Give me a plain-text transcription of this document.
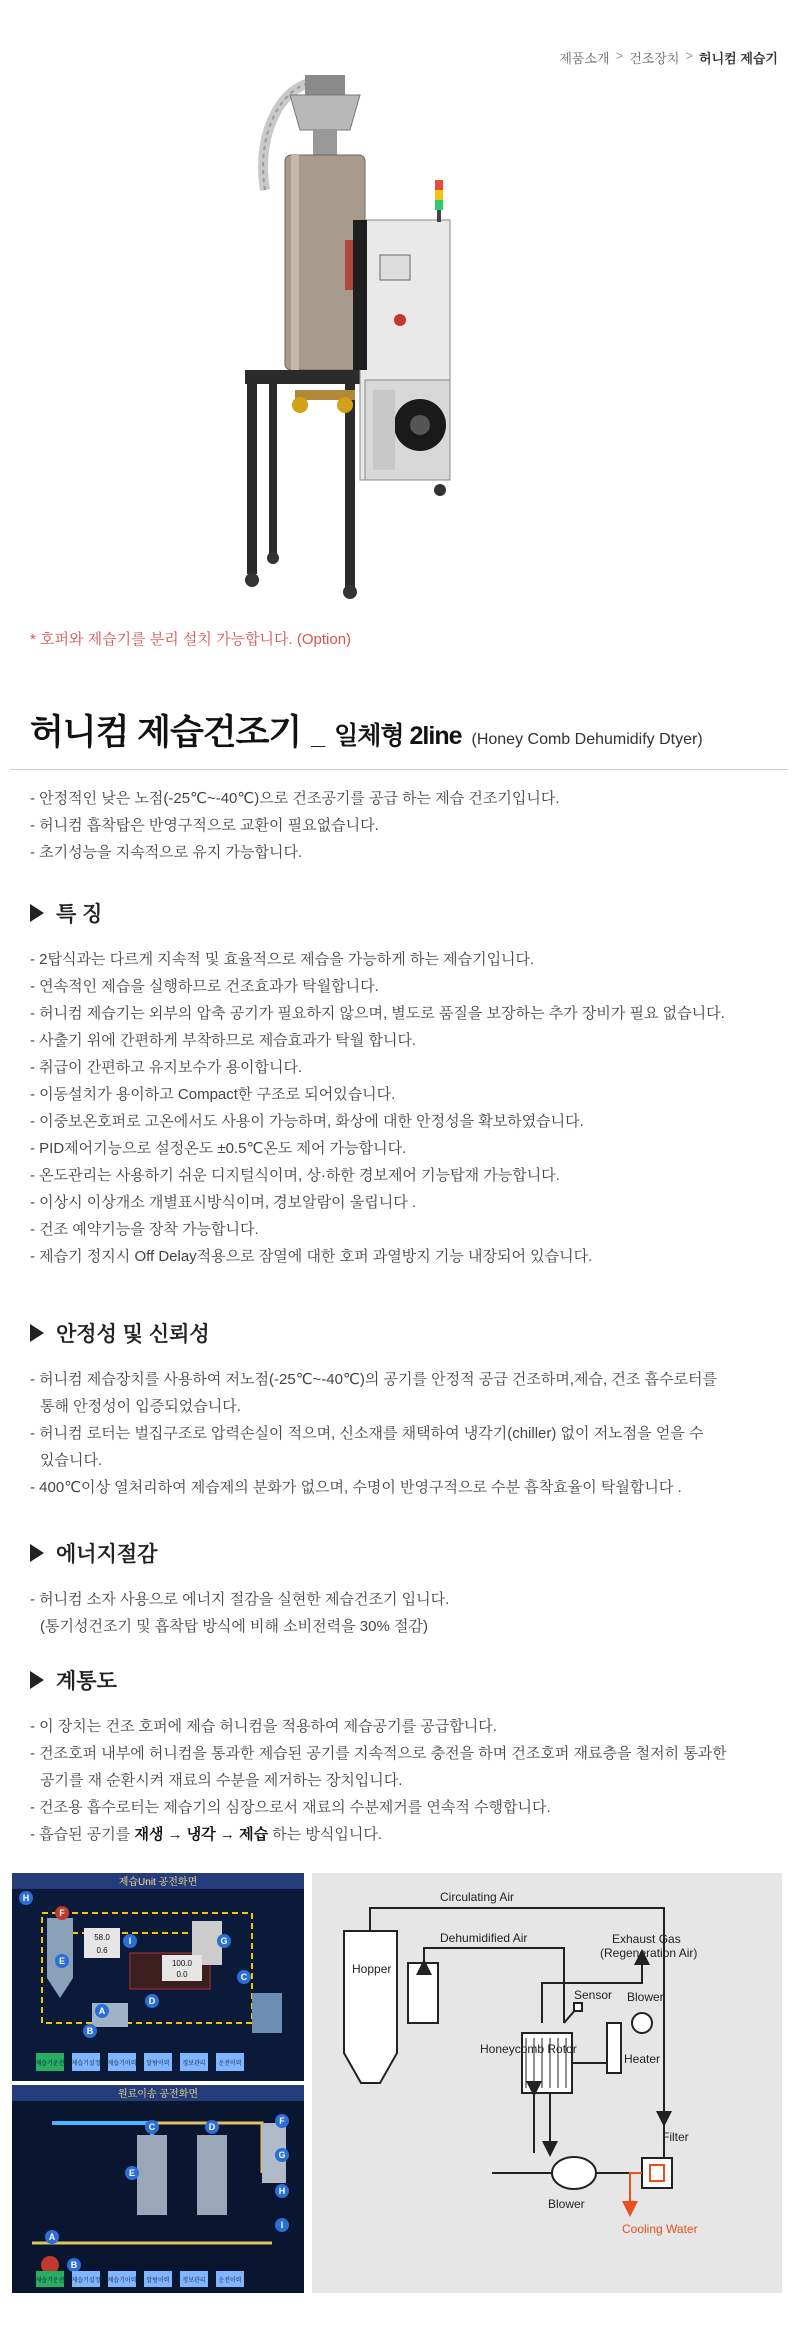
제품소개 > 건조장치 > 허니컴 제습기
* 호퍼와 제습기를 분리 설치 가능합니다. (Option)
허니컴 제습건조기 _ 일체형 2line (Honey Comb Dehumidify Dtyer)

- 안정적인 낮은 노점(-25℃~-40℃)으로 건조공기를 공급 하는 제습 건조기입니다.

- 허니컴 흡착탑은 반영구적으로 교환이 필요없습니다.

- 초기성능을 지속적으로 유지 가능합니다.

특 징

- 2탑식과는 다르게 지속적 및 효율적으로 제습을 가능하게 하는 제습기입니다.

- 연속적인 제습을 실행하므로 건조효과가 탁월합니다.

- 허니컴 제습기는 외부의 압축 공기가 필요하지 않으며, 별도로 품질을 보장하는 추가 장비가 필요 없습니다.

- 사출기 위에 간편하게 부착하므로 제습효과가 탁월 합니다.

- 취급이 간편하고 유지보수가 용이합니다.

- 이동설치가 용이하고 Compact한 구조로 되어있습니다.

- 이중보온호퍼로 고온에서도 사용이 가능하며, 화상에 대한 안정성을 확보하였습니다.

- PID제어기능으로 설정온도 ±0.5℃온도 제어 가능합니다.

- 온도관리는 사용하기 쉬운 디지털식이며, 상·하한 경보제어 기능탑재 가능합니다.

- 이상시 이상개소 개별표시방식이며, 경보알람이 울립니다 .

- 건조 예약기능을 장착 가능합니다.

- 제습기 정지시 Off Delay적용으로 잠열에 대한 호퍼 과열방지 기능 내장되어 있습니다.

안정성 및 신뢰성

- 허니컴 제습장치를 사용하여 저노점(-25℃~-40℃)의 공기를 안정적 공급 건조하며,제습, 건조 흡수로터를

통해 안정성이 입증되었습니다.

- 허니컴 로터는 벌집구조로 압력손실이 적으며, 신소재를 채택하여 냉각기(chiller) 없이 저노점을 얻을 수

있습니다.

- 400℃이상 열처리하여 제습제의 분화가 없으며, 수명이 반영구적으로 수분 흡착효율이 탁월합니다 .

에너지절감

- 허니컴 소자 사용으로 에너지 절감을 실현한 제습건조기 입니다.

(통기성건조기 및 흡착탑 방식에 비해 소비전력을 30% 절감)

계통도

- 이 장치는 건조 호퍼에 제습 허니컴을 적용하여 제습공기를 공급합니다.

- 건조호퍼 내부에 허니컴을 통과한 제습된 공기를 지속적으로 충전을 하며 건조호퍼 재료층을 철저히 통과한

공기를 재 순환시켜 재료의 수분을 제거하는 장치입니다.

- 건조용 흡수로터는 제습기의 심장으로서 재료의 수분제거를 연속적 수행합니다.

- 흡습된 공기를 재생 → 냉각 → 제습 하는 방식입니다.

제습Unit 공전화면
58.0
0.6
100.0
0.0
H
F
E
I	G
C
D
A
B
제습기운전 제습기설정 제습기이력 알람이력 경보관리 운전이력
원료이송 공전화면
C	D
E
F
G
H
I
A
B
제습기운전 제습기설정 제습기이력 알람이력 경보관리 운전이력
Hopper
Circulating Air
Dehumidified Air	Exhaust Gas
(Regeneration Air)
Honeycomb Rotor
Sensor Blower
Heater
Blower
Filter
Cooling Water
